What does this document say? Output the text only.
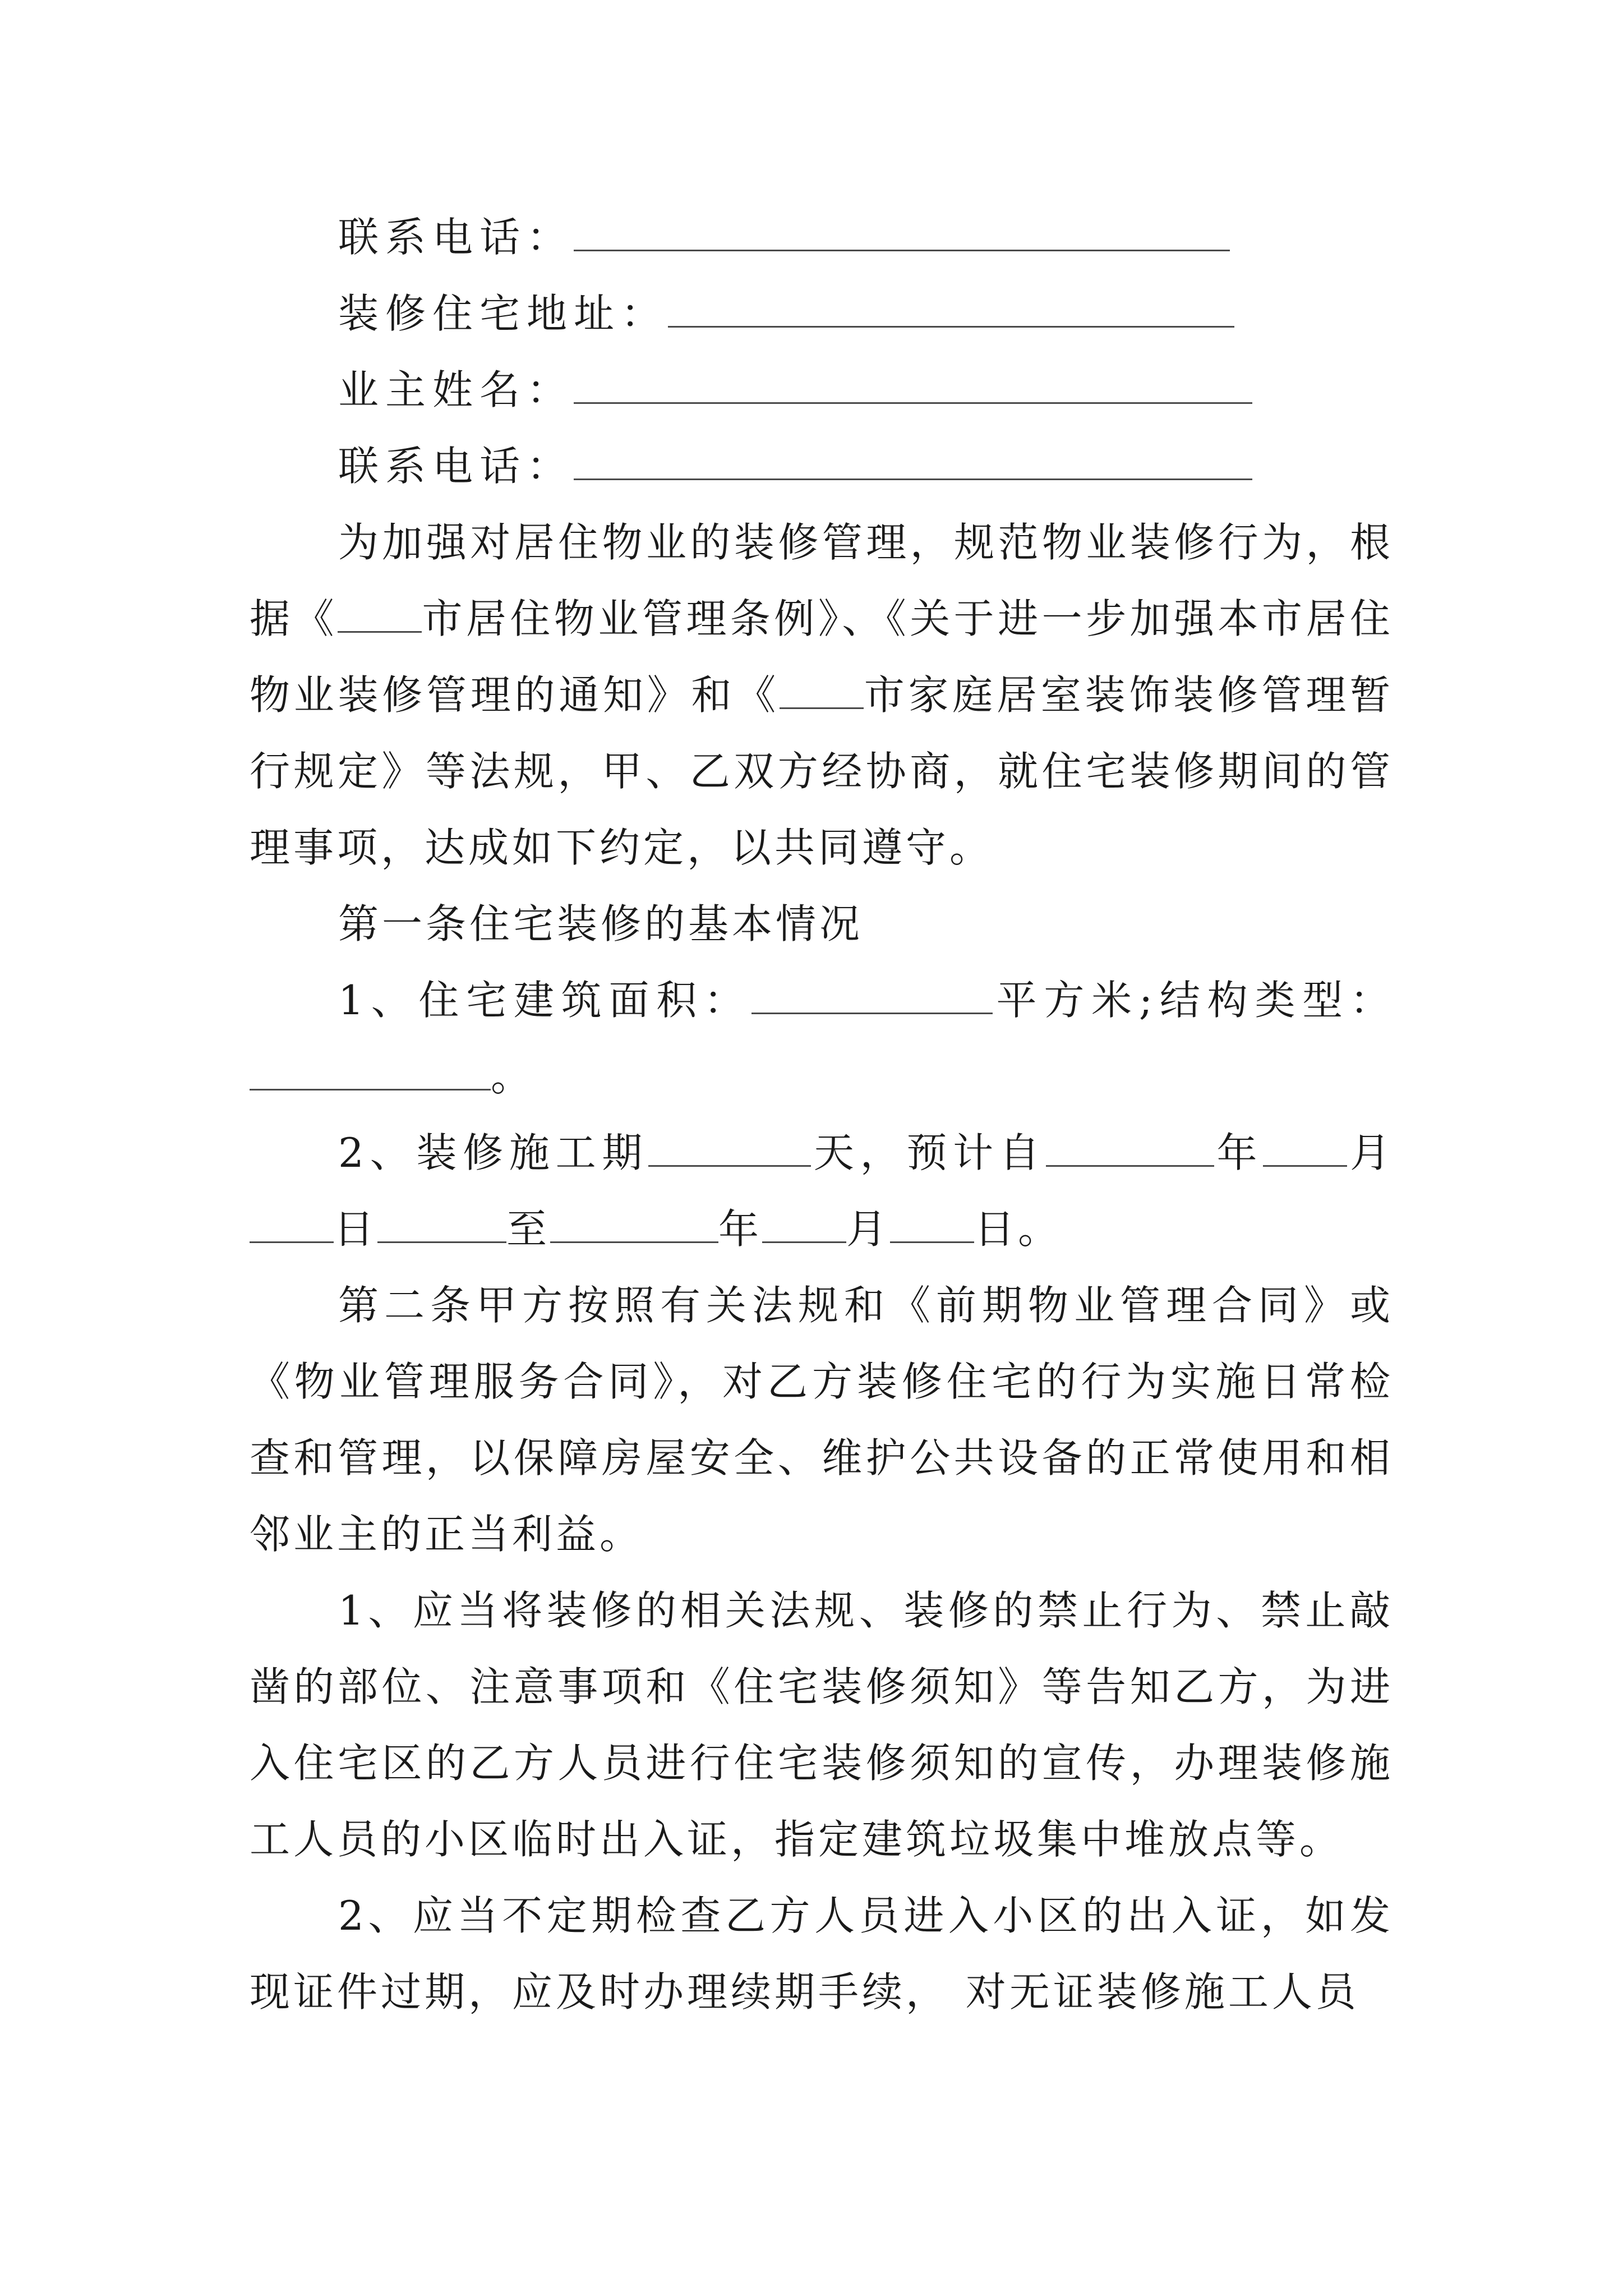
联系电话：
装修住宅地址：
业主姓名：
联系电话：

为加强对居住物业的装修管理，规范物业装修行为，根据《 市居住物业管理条例》、《关于进一步加强本市居住物业装修管理的通知》和《 市家庭居室装饰装修管理暂行规定》等法规，甲、乙双方经协商，就住宅装修期间的管理事项，达成如下约定，以共同遵守。

第一条住宅装修的基本情况

1、住宅建筑面积：	平方米;结构类型：。

2、装修施工期	天，预计自	年 月日	至	年 月 日。

第二条甲方按照有关法规和《前期物业管理合同》或《物业管理服务合同》，对乙方装修住宅的行为实施日常检查和管理，以保障房屋安全、维护公共设备的正常使用和相邻业主的正当利益。

1、应当将装修的相关法规、装修的禁止行为、禁止敲凿的部位、注意事项和《住宅装修须知》等告知乙方，为进入住宅区的乙方人员进行住宅装修须知的宣传，办理装修施工人员的小区临时出入证，指定建筑垃圾集中堆放点等。

2、应当不定期检查乙方人员进入小区的出入证，如发现证件过期，应及时办理续期手续， 对无证装修施工人员
